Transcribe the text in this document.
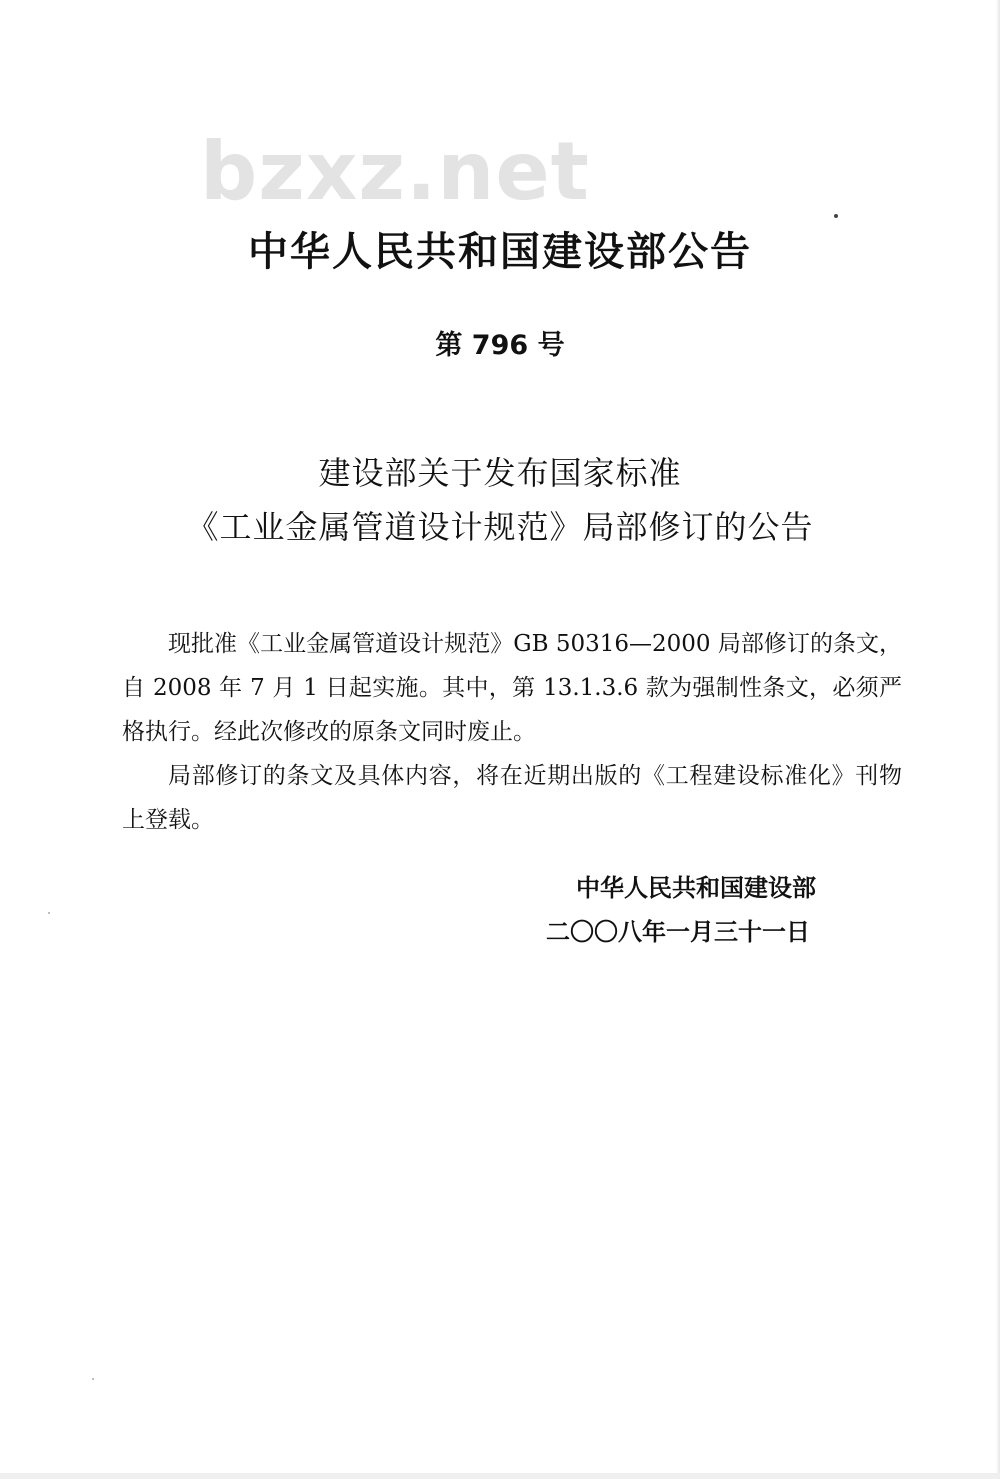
bzxz.net
中华人民共和国建设部公告
第 796 号
建设部关于发布国家标准
《工业金属管道设计规范》局部修订的公告

现批准《工业金属管道设计规范》GB 50316—2000 局部修订的条文，自 2008 年 7 月 1 日起实施。其中，第 13.1.3.6 款为强制性条文，必须严格执行。经此次修改的原条文同时废止。

局部修订的条文及具体内容，将在近期出版的《工程建设标准化》刊物上登载。

中华人民共和国建设部
二〇〇八年一月三十一日
